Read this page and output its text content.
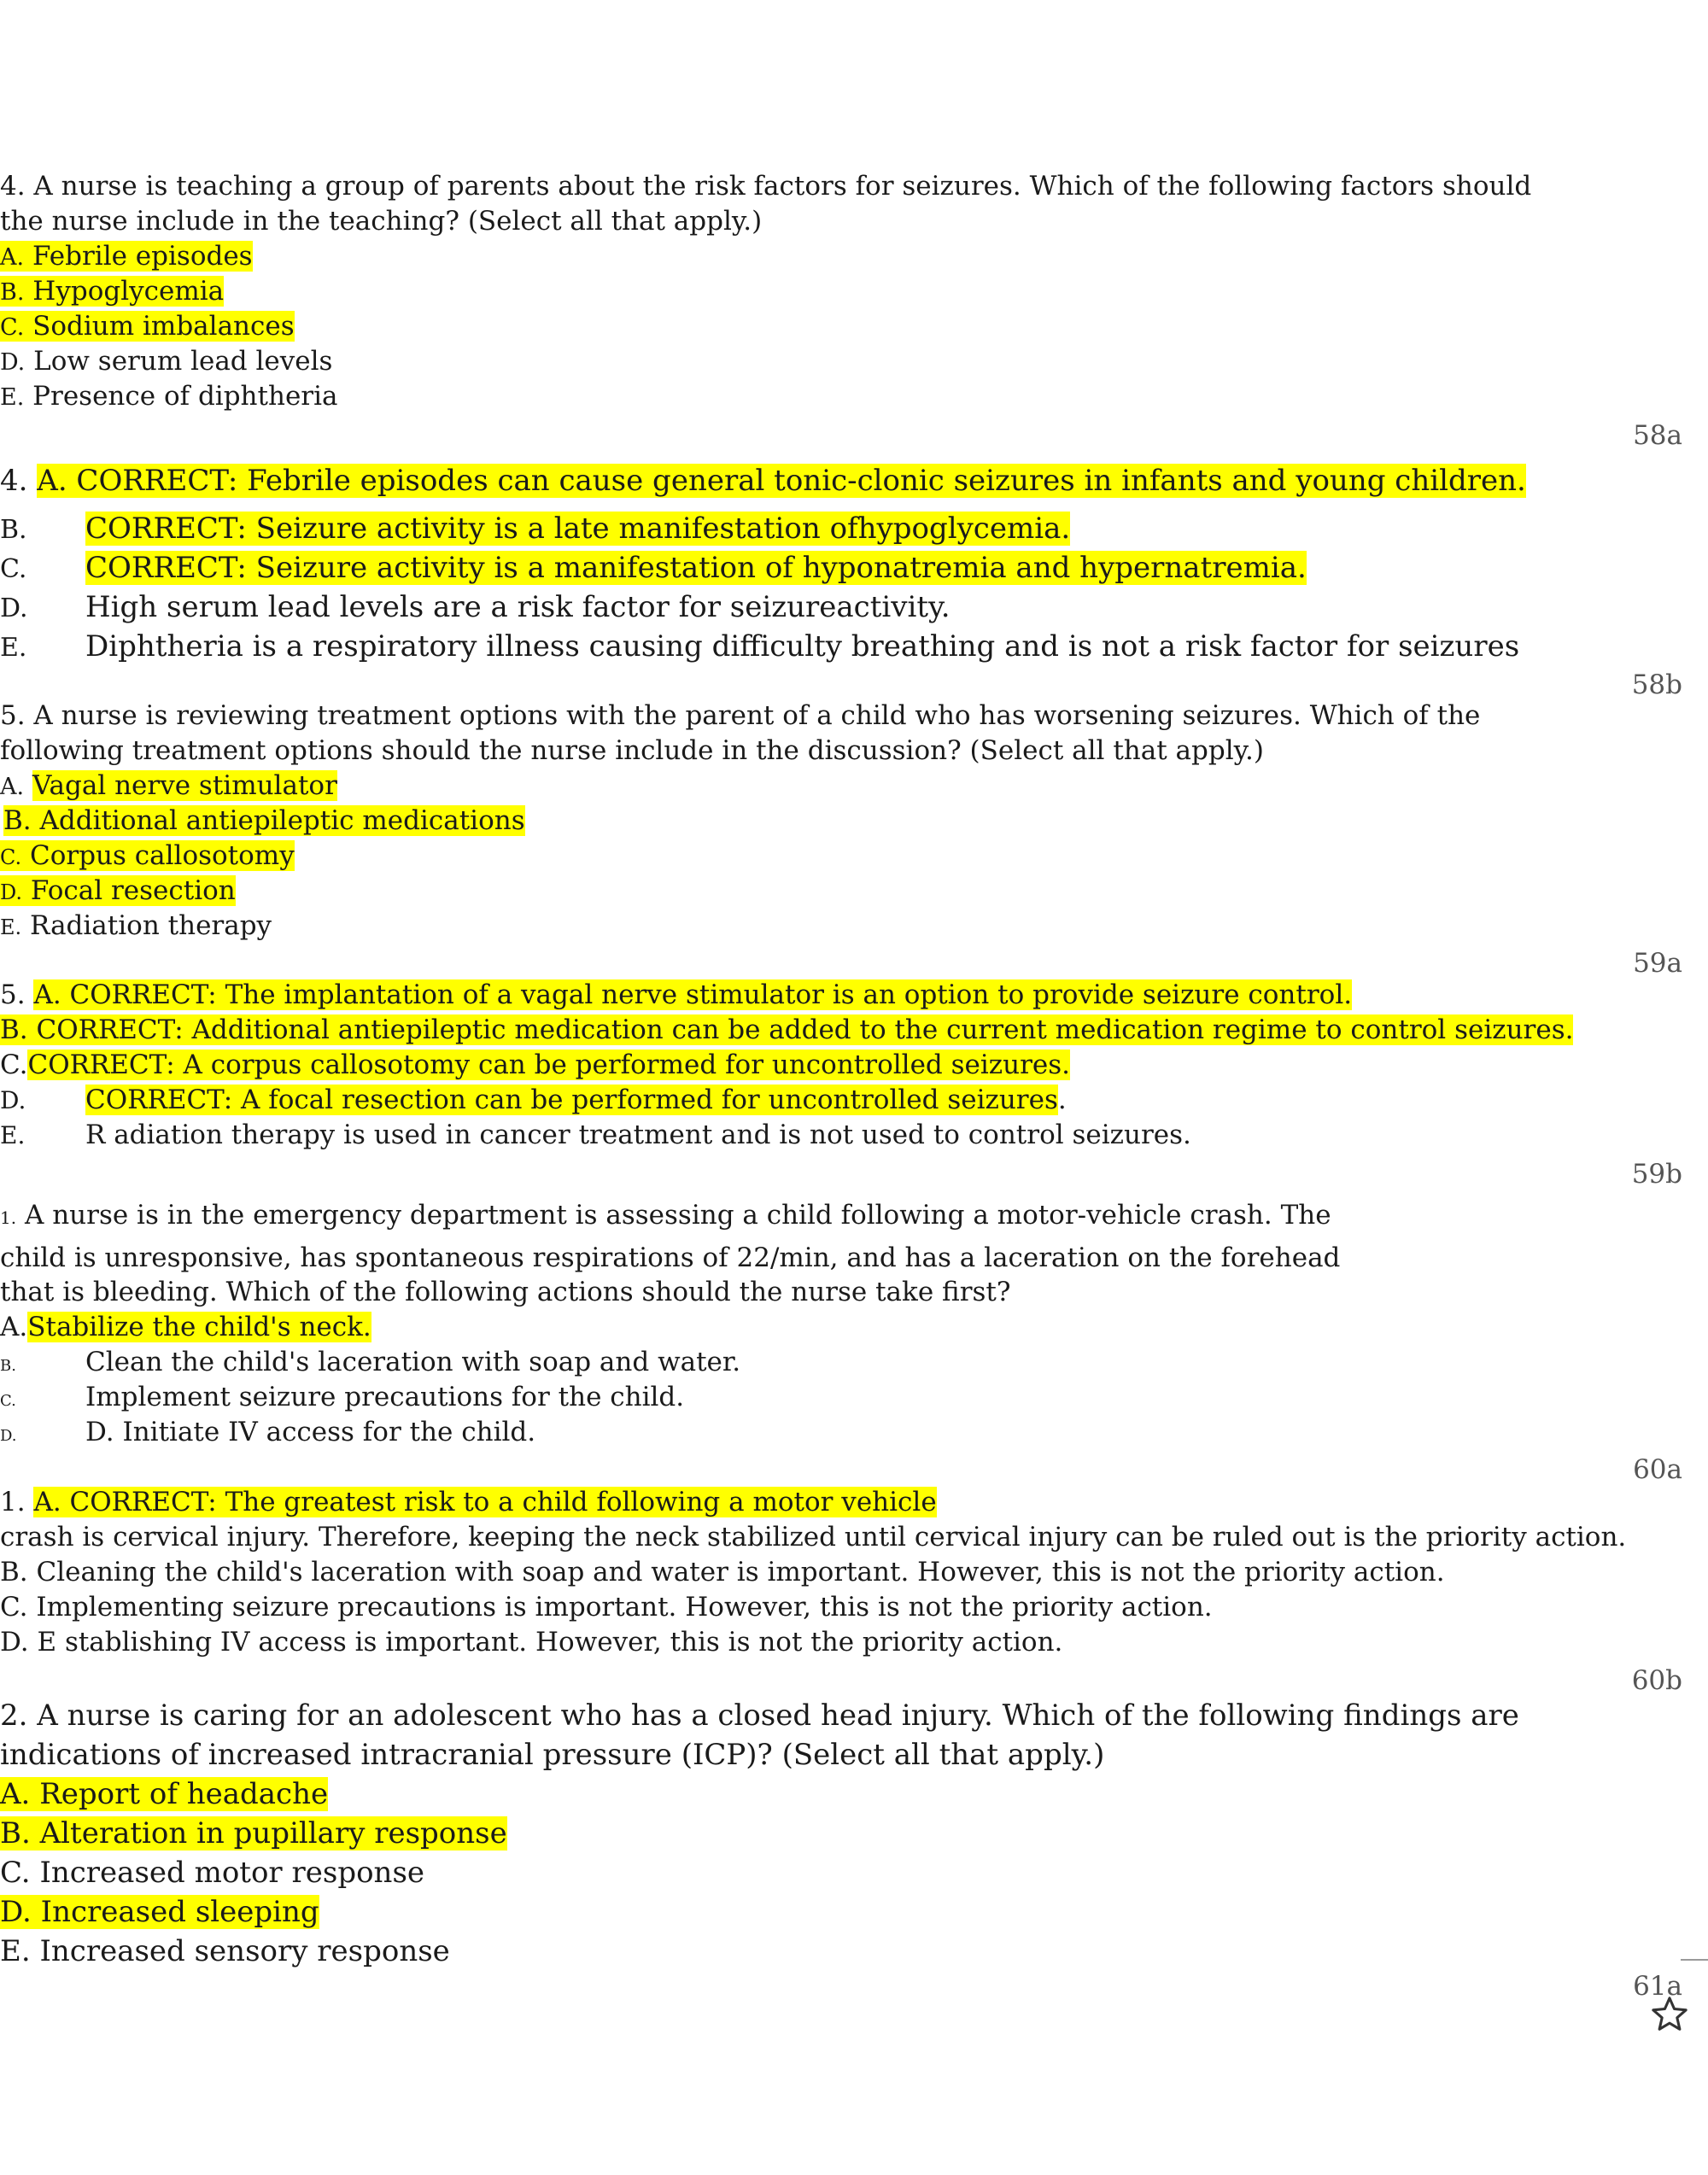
4. A nurse is teaching a group of parents about the risk factors for seizures. Which of the following factors should
the nurse include in the teaching? (Select all that apply.)
A. Febrile episodes
B. Hypoglycemia
C. Sodium imbalances
D. Low serum lead levels
E. Presence of diphtheria
58a
4. A. CORRECT: Febrile episodes can cause general tonic-clonic seizures in infants and young children.
B. CORRECT: Seizure activity is a late manifestation ofhypoglycemia.
C. CORRECT: Seizure activity is a manifestation of hyponatremia and hypernatremia.
D. High serum lead levels are a risk factor for seizureactivity.
E. Diphtheria is a respiratory illness causing difficulty breathing and is not a risk factor for seizures
58b
5. A nurse is reviewing treatment options with the parent of a child who has worsening seizures. Which of the
following treatment options should the nurse include in the discussion? (Select all that apply.)
A. Vagal nerve stimulator
B. Additional antiepileptic medications
C. Corpus callosotomy
D. Focal resection
E. Radiation therapy
59a
5. A. CORRECT: The implantation of a vagal nerve stimulator is an option to provide seizure control.
B. CORRECT: Additional antiepileptic medication can be added to the current medication regime to control seizures.
C.CORRECT: A corpus callosotomy can be performed for uncontrolled seizures.
D. CORRECT: A focal resection can be performed for uncontrolled seizures.
E. R adiation therapy is used in cancer treatment and is not used to control seizures.
59b
1. A nurse is in the emergency department is assessing a child following a motor-vehicle crash. The
child is unresponsive, has spontaneous respirations of 22/min, and has a laceration on the forehead
that is bleeding. Which of the following actions should the nurse take first?
A.Stabilize the child's neck.
B.	Clean the child's laceration with soap and water.
C.	Implement seizure precautions for the child.
D.	D. Initiate IV access for the child.
60a
1. A. CORRECT: The greatest risk to a child following a motor vehicle
crash is cervical injury. Therefore, keeping the neck stabilized until cervical injury can be ruled out is the priority action.
B. Cleaning the child's laceration with soap and water is important. However, this is not the priority action.
C. Implementing seizure precautions is important. However, this is not the priority action.
D. E stablishing IV access is important. However, this is not the priority action.
60b
2. A nurse is caring for an adolescent who has a closed head injury. Which of the following findings are
indications of increased intracranial pressure (ICP)? (Select all that apply.)
A. Report of headache
B. Alteration in pupillary response
C. Increased motor response
D. Increased sleeping
E. Increased sensory response
61a
